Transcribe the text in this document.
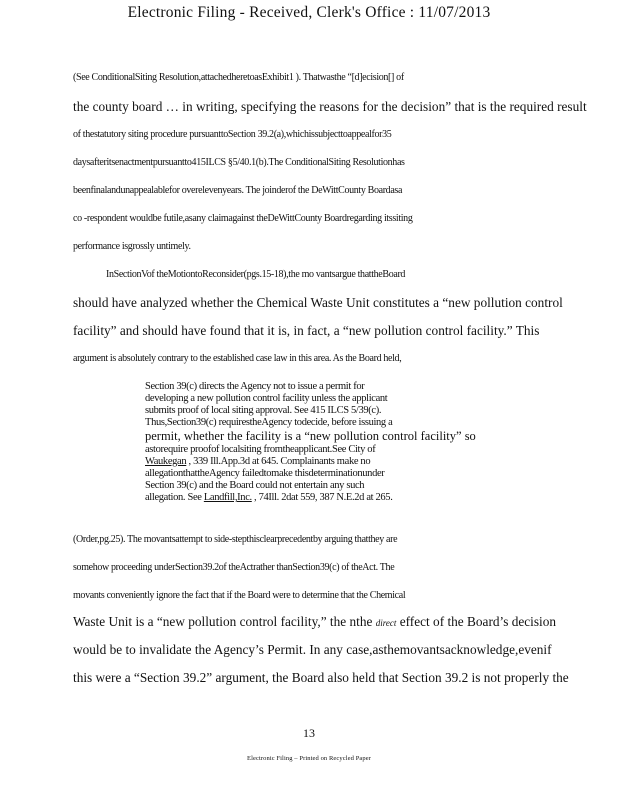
Electronic Filing - Received, Clerk's Office : 11/07/2013
(See ConditionalSiting Resolution,attachedheretoasExhibit1 ). Thatwasthe “[d]ecision[] of
the county board … in writing, specifying the reasons for the decision” that is the required result
of thestatutory siting procedure pursuanttoSection 39.2(a),whichissubjecttoappealfor35
daysafteritsenactmentpursuantto415ILCS §5/40.1(b).The ConditionalSiting Resolutionhas
beenfinalandunappealablefor overelevenyears. The joinderof the DeWittCounty Boardasa
co -respondent wouldbe futile,asany claimagainst theDeWittCounty Boardregarding itssiting
performance isgrossly untimely.
InSectionVof theMotiontoReconsider(pgs.15-18),the mo vantsargue thattheBoard
should have analyzed whether the Chemical Waste Unit constitutes a “new pollution control
facility” and should have found that it is, in fact, a “new pollution control facility.” This
argument is absolutely contrary to the established case law in this area. As the Board held,
Section 39(c) directs the Agency not to issue a permit for
developing a new pollution control facility unless the applicant
submits proof of local siting approval. See 415 ILCS 5/39(c).
Thus,Section39(c) requirestheAgency todecide, before issuing a
permit, whether the facility is a “new pollution control facility” so
astorequire proofof localsiting fromtheapplicant.See City of
Waukegan , 339 Ill.App.3d at 645. Complainants make no
allegationthattheAgency failedtomake thisdeterminationunder
Section 39(c) and the Board could not entertain any such
allegation. See Landfill,Inc. , 74Ill. 2dat 559, 387 N.E.2d at 265.
(Order,pg.25). The movantsattempt to side-stepthisclearprecedentby arguing thatthey are
somehow proceeding underSection39.2of theActrather thanSection39(c) of theAct. The
movants conveniently ignore the fact that if the Board were to determine that the Chemical
Waste Unit is a “new pollution control facility,” the nthe direct effect of the Board’s decision
would be to invalidate the Agency’s Permit. In any case,asthemovantsacknowledge,evenif
this were a “Section 39.2” argument, the Board also held that Section 39.2 is not properly the
13
Electronic Filing – Printed on Recycled Paper
